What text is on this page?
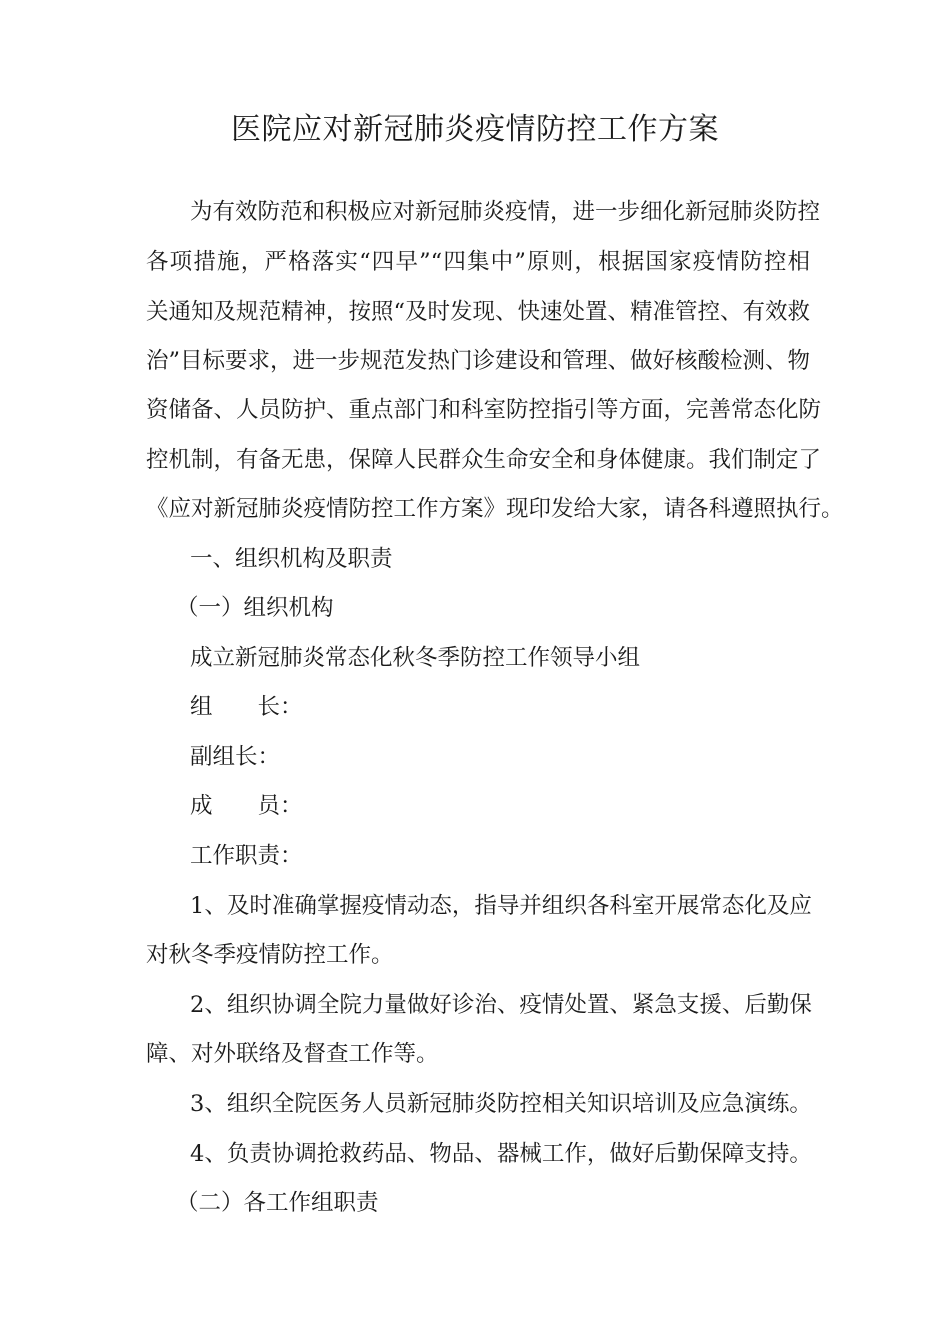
医院应对新冠肺炎疫情防控工作方案
为有效防范和积极应对新冠肺炎疫情，进一步细化新冠肺炎防控
各项措施，严格落实“四早”“四集中”原则，根据国家疫情防控相
关通知及规范精神，按照“及时发现、快速处置、精准管控、有效救
治”目标要求，进一步规范发热门诊建设和管理、做好核酸检测、物
资储备、人员防护、重点部门和科室防控指引等方面，完善常态化防
控机制，有备无患，保障人民群众生命安全和身体健康。我们制定了
《应对新冠肺炎疫情防控工作方案》现印发给大家，请各科遵照执行。
一、组织机构及职责
（一）组织机构
成立新冠肺炎常态化秋冬季防控工作领导小组
组　　长：
副组长：
成　　员：
工作职责：
1、及时准确掌握疫情动态，指导并组织各科室开展常态化及应
对秋冬季疫情防控工作。
2、组织协调全院力量做好诊治、疫情处置、紧急支援、后勤保
障、对外联络及督查工作等。
3、组织全院医务人员新冠肺炎防控相关知识培训及应急演练。
4、负责协调抢救药品、物品、器械工作，做好后勤保障支持。
（二）各工作组职责
